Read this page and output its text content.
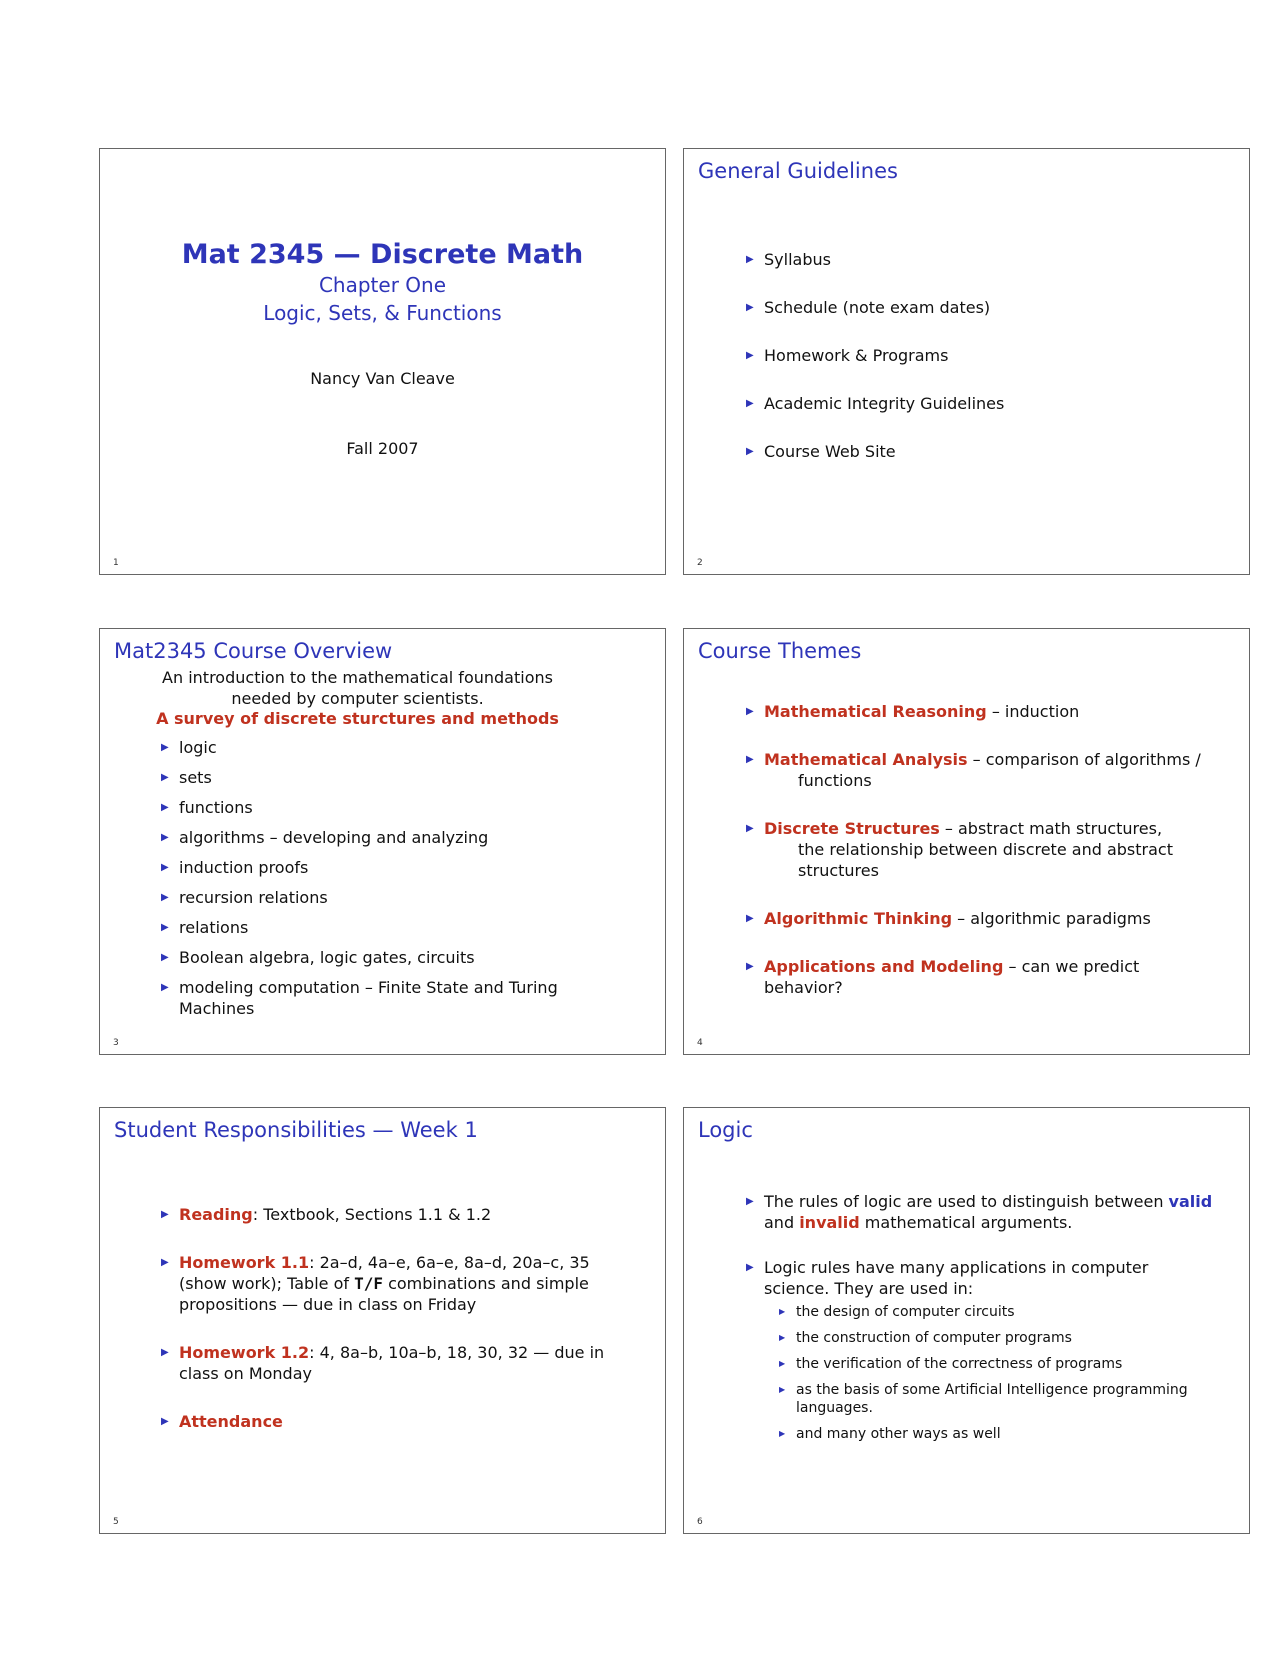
Mat 2345 — Discrete Math
Chapter One
Logic, Sets, & Functions
Nancy Van Cleave
Fall 2007
1
General Guidelines
▶ Syllabus
▶ Schedule (note exam dates)
▶ Homework & Programs
▶ Academic Integrity Guidelines
▶ Course Web Site
2
Mat2345 Course Overview
An introduction to the mathematical foundations
needed by computer scientists.
A survey of discrete sturctures and methods
▶ logic
▶ sets
▶ functions
▶ algorithms – developing and analyzing
▶ induction proofs
▶ recursion relations
▶ relations
▶ Boolean algebra, logic gates, circuits
▶ modeling computation – Finite State and Turing Machines
3
Course Themes
▶ Mathematical Reasoning – induction
▶ Mathematical Analysis – comparison of algorithms /
functions
▶ Discrete Structures – abstract math structures,
the relationship between discrete and abstract structures
▶ Algorithmic Thinking – algorithmic paradigms
▶ Applications and Modeling – can we predict behavior?
4
Student Responsibilities — Week 1
▶ Reading: Textbook, Sections 1.1 & 1.2
▶ Homework 1.1: 2a–d, 4a–e, 6a–e, 8a–d, 20a–c, 35 (show work); Table of T/F combinations and simple propositions — due in class on Friday
▶ Homework 1.2: 4, 8a–b, 10a–b, 18, 30, 32 — due in class on Monday
▶ Attendance
5
Logic
▶ The rules of logic are used to distinguish between valid
and invalid mathematical arguments.
▶ Logic rules have many applications in computer science. They are used in:
▶ the design of computer circuits
▶ the construction of computer programs
▶ the verification of the correctness of programs
▶ as the basis of some Artificial Intelligence programming languages.
▶ and many other ways as well
6
